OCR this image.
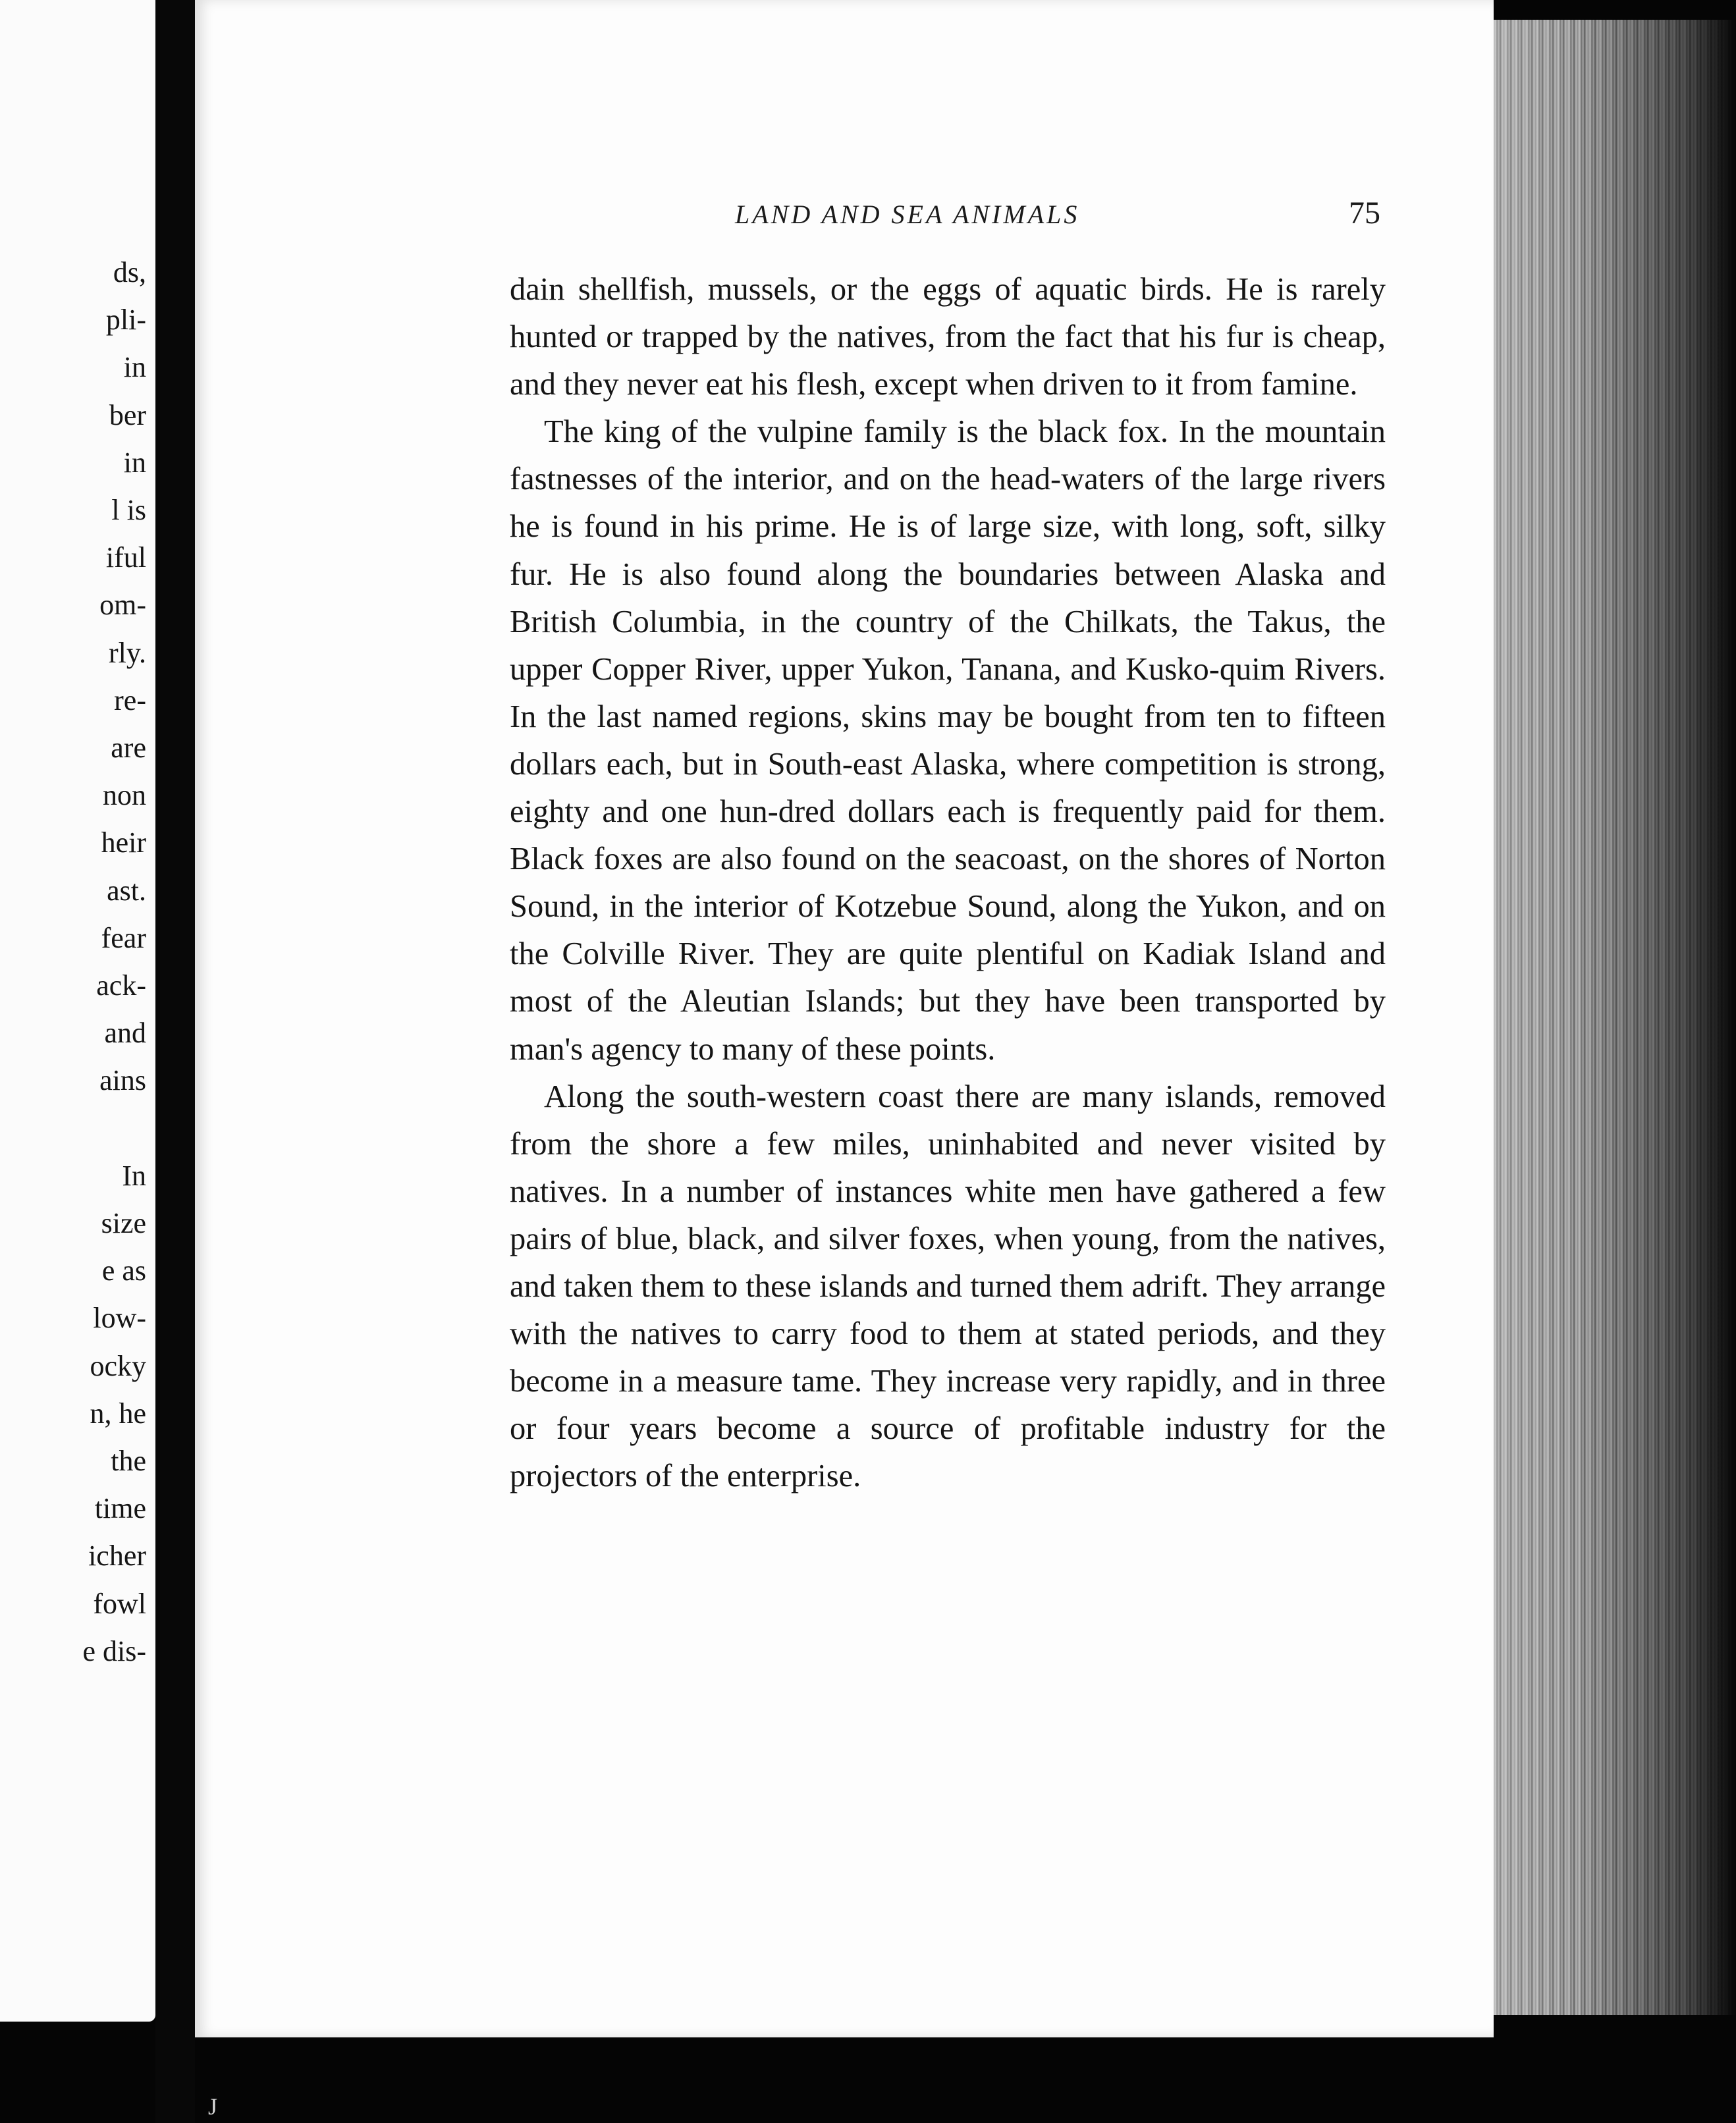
ds,
pli-
in
ber
in
l is
iful
om-
rly.
re-
are
non
heir
ast.
fear
ack-
and
ains
In
size
e as
low-
ocky
n, he
the
time
icher
fowl
e dis-
LAND AND SEA ANIMALS	75

dain shellfish, mussels, or the eggs of aquatic birds. He is rarely hunted or trapped by the natives, from the fact that his fur is cheap, and they never eat his flesh, except when driven to it from famine.

The king of the vulpine family is the black fox. In the mountain fastnesses of the interior, and on the head-waters of the large rivers he is found in his prime. He is of large size, with long, soft, silky fur. He is also found along the boundaries between Alaska and British Columbia, in the country of the Chilkats, the Takus, the upper Copper River, upper Yukon, Tanana, and Kusko-quim Rivers. In the last named regions, skins may be bought from ten to fifteen dollars each, but in South-east Alaska, where competition is strong, eighty and one hun-dred dollars each is frequently paid for them. Black foxes are also found on the seacoast, on the shores of Norton Sound, in the interior of Kotzebue Sound, along the Yukon, and on the Colville River. They are quite plentiful on Kadiak Island and most of the Aleutian Islands; but they have been transported by man's agency to many of these points.

Along the south-western coast there are many islands, removed from the shore a few miles, uninhabited and never visited by natives. In a number of instances white men have gathered a few pairs of blue, black, and silver foxes, when young, from the natives, and taken them to these islands and turned them adrift. They arrange with the natives to carry food to them at stated periods, and they become in a measure tame. They increase very rapidly, and in three or four years become a source of profitable industry for the projectors of the enterprise.

J
